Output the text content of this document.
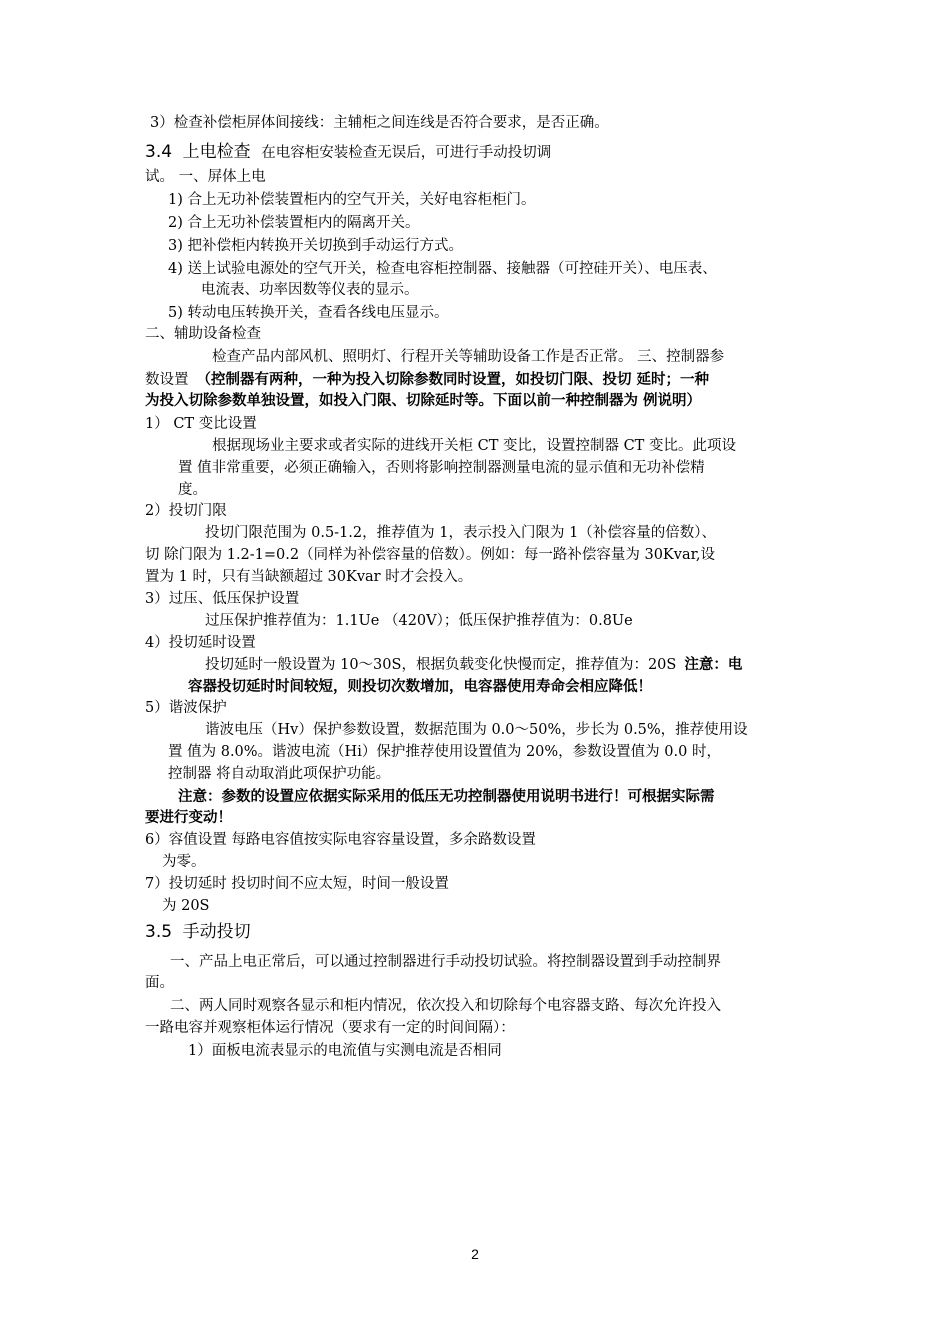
3）检查补偿柜屏体间接线：主辅柜之间连线是否符合要求，是否正确。
3.4 上电检查 在电容柜安装检查无误后，可进行手动投切调
试。 一、屏体上电
1) 合上无功补偿装置柜内的空气开关，关好电容柜柜门。
2) 合上无功补偿装置柜内的隔离开关。
3) 把补偿柜内转换开关切换到手动运行方式。
4) 送上试验电源处的空气开关，检查电容柜控制器、接触器（可控硅开关）、电压表、
电流表、功率因数等仪表的显示。
5) 转动电压转换开关，查看各线电压显示。
二、辅助设备检查
检查产品内部风机、照明灯、行程开关等辅助设备工作是否正常。 三、控制器参
数设置 （控制器有两种，一种为投入切除参数同时设置，如投切门限、投切 延时；一种
为投入切除参数单独设置，如投入门限、切除延时等。下面以前一种控制器为 例说明）
1） CT 变比设置
根据现场业主要求或者实际的进线开关柜 CT 变比，设置控制器 CT 变比。此项设
置 值非常重要，必须正确输入，否则将影响控制器测量电流的显示值和无功补偿精
度。
2）投切门限
投切门限范围为 0.5-1.2，推荐值为 1，表示投入门限为 1（补偿容量的倍数）、
切 除门限为 1.2-1=0.2（同样为补偿容量的倍数）。例如：每一路补偿容量为 30Kvar,设
置为 1 时，只有当缺额超过 30Kvar 时才会投入。
3）过压、低压保护设置
过压保护推荐值为：1.1Ue （420V）；低压保护推荐值为：0.8Ue
4）投切延时设置
投切延时一般设置为 10～30S，根据负载变化快慢而定，推荐值为：20S 注意：电
容器投切延时时间较短，则投切次数增加，电容器使用寿命会相应降低！
5）谐波保护
谐波电压（Hv）保护参数设置，数据范围为 0.0～50%，步长为 0.5%，推荐使用设
置 值为 8.0%。谐波电流（Hi）保护推荐使用设置值为 20%，参数设置值为 0.0 时，
控制器 将自动取消此项保护功能。
注意：参数的设置应依据实际采用的低压无功控制器使用说明书进行！可根据实际需
要进行变动！
6）容值设置 每路电容值按实际电容容量设置，多余路数设置
为零。
7）投切延时 投切时间不应太短，时间一般设置
为 20S
3.5 手动投切
一、产品上电正常后，可以通过控制器进行手动投切试验。将控制器设置到手动控制界
面。
二、两人同时观察各显示和柜内情况，依次投入和切除每个电容器支路、每次允许投入
一路电容并观察柜体运行情况（要求有一定的时间间隔）：
1）面板电流表显示的电流值与实测电流是否相同
2
